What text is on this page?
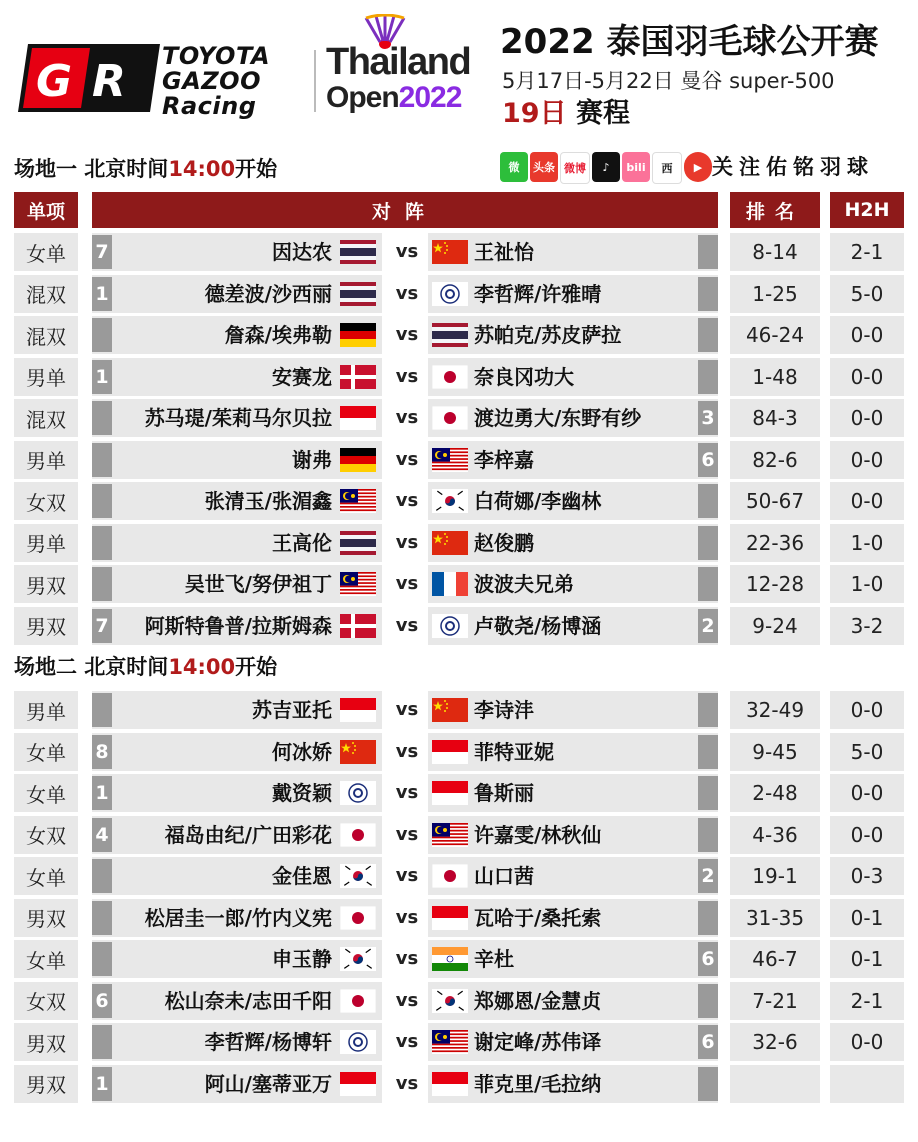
G R TOYOTA
GAZOO
Racing
Thailand
Open2022
2022 泰国羽毛球公开赛
5月17日-5月22日 曼谷 super-500
19日 赛程
场地一 北京时间14:00开始	微	头条 微博	♪	bili	西	▶ 关注佑铭羽球
单项	对阵	排名	H2H
女单	7	因达农	vs	王祉怡	8-14	2-1
混双	1	德差波/沙西丽	vs	李哲辉/许雅晴	1-25	5-0
混双	詹森/埃弗勒	vs	苏帕克/苏皮萨拉	46-24	0-0
男单	1	安赛龙	vs	奈良冈功大	1-48	0-0
混双	苏马瑅/茱莉马尔贝拉	vs	渡边勇大/东野有纱	3	84-3	0-0
男单	谢弗	vs	李梓嘉	6	82-6	0-0
女双	张清玉/张湄鑫	vs	白荷娜/李幽林	50-67	0-0
男单	王高伦	vs	赵俊鹏	22-36	1-0
男双	吴世飞/努伊祖丁	vs	波波夫兄弟	12-28	1-0
男双	7 阿斯特鲁普/拉斯姆森	vs	卢敬尧/杨博涵	2	9-24	3-2
场地二 北京时间14:00开始
男单	苏吉亚托	vs	李诗沣	32-49	0-0
女单	8	何冰娇	vs	菲特亚妮	9-45	5-0
女单	1	戴资颖	vs	鲁斯丽	2-48	0-0
女双	4	福岛由纪/广田彩花	vs	许嘉雯/林秋仙	4-36	0-0
女单	金佳恩	vs	山口茜	2	19-1	0-3
男双	松居圭一郎/竹内义宪	vs	瓦哈于/桑托索	31-35	0-1
女单	申玉静	vs	辛杜	6	46-7	0-1
女双	6	松山奈未/志田千阳	vs	郑娜恩/金慧贞	7-21	2-1
男双	李哲辉/杨博轩	vs	谢定峰/苏伟译	6	32-6	0-0
男双	1	阿山/塞蒂亚万	vs	菲克里/毛拉纳
